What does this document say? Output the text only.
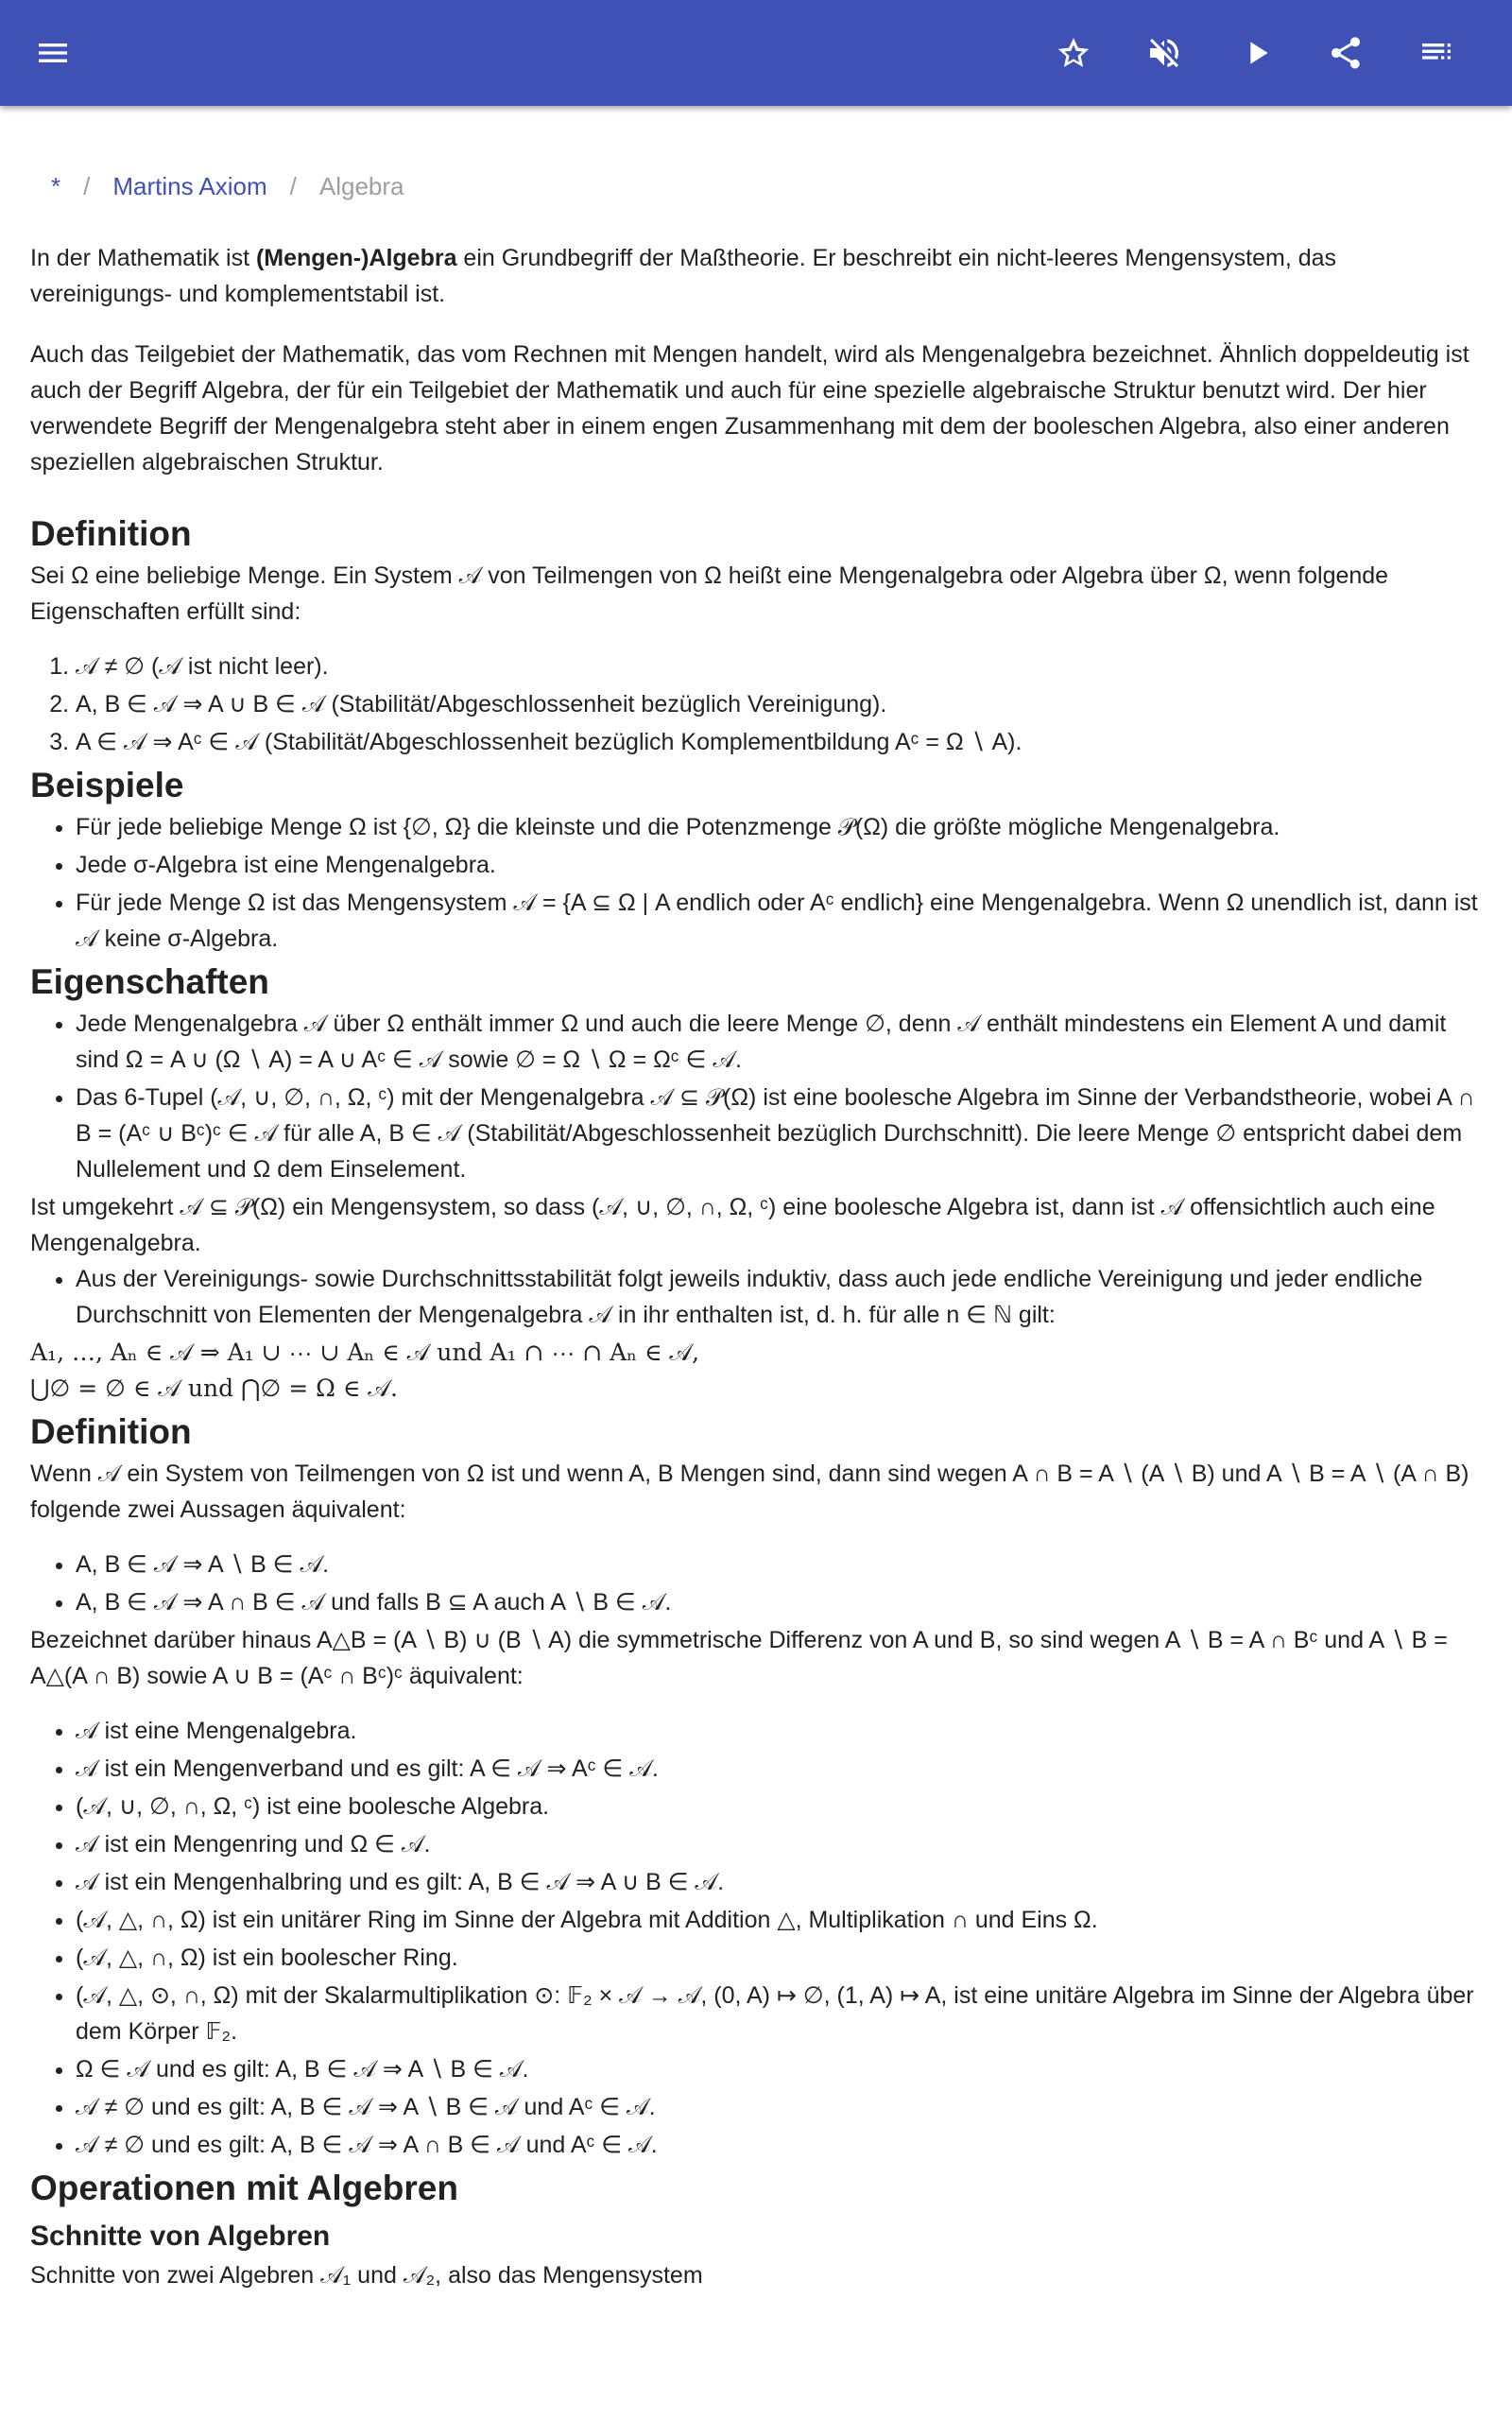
* / Martins Axiom / Algebra

In der Mathematik ist (Mengen-)Algebra ein Grundbegriff der Maßtheorie. Er beschreibt ein nicht-leeres Mengensystem, das vereinigungs- und komplementstabil ist.

Auch das Teilgebiet der Mathematik, das vom Rechnen mit Mengen handelt, wird als Mengenalgebra bezeichnet. Ähnlich doppeldeutig ist auch der Begriff Algebra, der für ein Teilgebiet der Mathematik und auch für eine spezielle algebraische Struktur benutzt wird. Der hier verwendete Begriff der Mengenalgebra steht aber in einem engen Zusammenhang mit dem der booleschen Algebra, also einer anderen speziellen algebraischen Struktur.

Definition

Sei Ω eine beliebige Menge. Ein System 𝒜 von Teilmengen von Ω heißt eine Mengenalgebra oder Algebra über Ω, wenn folgende Eigenschaften erfüllt sind:

1. 𝒜 ≠ ∅ (𝒜 ist nicht leer).
2. A, B ∈ 𝒜 ⇒ A ∪ B ∈ 𝒜 (Stabilität/Abgeschlossenheit bezüglich Vereinigung).
3. A ∈ 𝒜 ⇒ Aᶜ ∈ 𝒜 (Stabilität/Abgeschlossenheit bezüglich Komplementbildung Aᶜ = Ω ∖ A).
Beispiele
• Für jede beliebige Menge Ω ist {∅, Ω} die kleinste und die Potenzmenge 𝒫(Ω) die größte mögliche Mengenalgebra.
• Jede σ-Algebra ist eine Mengenalgebra.
• Für jede Menge Ω ist das Mengensystem 𝒜 = {A ⊆ Ω | A endlich oder Aᶜ endlich} eine Mengenalgebra. Wenn Ω unendlich ist, dann ist 𝒜 keine σ-Algebra.
Eigenschaften
• Jede Mengenalgebra 𝒜 über Ω enthält immer Ω und auch die leere Menge ∅, denn 𝒜 enthält mindestens ein Element A und damit sind Ω = A ∪ (Ω ∖ A) = A ∪ Aᶜ ∈ 𝒜 sowie ∅ = Ω ∖ Ω = Ωᶜ ∈ 𝒜.
• Das 6-Tupel (𝒜, ∪, ∅, ∩, Ω, ᶜ) mit der Mengenalgebra 𝒜 ⊆ 𝒫(Ω) ist eine boolesche Algebra im Sinne der Verbandstheorie, wobei A ∩ B = (Aᶜ ∪ Bᶜ)ᶜ ∈ 𝒜 für alle A, B ∈ 𝒜 (Stabilität/Abgeschlossenheit bezüglich Durchschnitt). Die leere Menge ∅ entspricht dabei dem Nullelement und Ω dem Einselement.

Ist umgekehrt 𝒜 ⊆ 𝒫(Ω) ein Mengensystem, so dass (𝒜, ∪, ∅, ∩, Ω, ᶜ) eine boolesche Algebra ist, dann ist 𝒜 offensichtlich auch eine Mengenalgebra.

• Aus der Vereinigungs- sowie Durchschnittsstabilität folgt jeweils induktiv, dass auch jede endliche Vereinigung und jeder endliche Durchschnitt von Elementen der Mengenalgebra 𝒜 in ihr enthalten ist, d. h. für alle n ∈ ℕ gilt:

A₁, …, Aₙ ∈ 𝒜 ⇒ A₁ ∪ ⋯ ∪ Aₙ ∈ 𝒜 und A₁ ∩ ⋯ ∩ Aₙ ∈ 𝒜,

⋃∅ = ∅ ∈ 𝒜 und ⋂∅ = Ω ∈ 𝒜.

Definition

Wenn 𝒜 ein System von Teilmengen von Ω ist und wenn A, B Mengen sind, dann sind wegen A ∩ B = A ∖ (A ∖ B) und A ∖ B = A ∖ (A ∩ B) folgende zwei Aussagen äquivalent:

• A, B ∈ 𝒜 ⇒ A ∖ B ∈ 𝒜.
• A, B ∈ 𝒜 ⇒ A ∩ B ∈ 𝒜 und falls B ⊆ A auch A ∖ B ∈ 𝒜.

Bezeichnet darüber hinaus A△B = (A ∖ B) ∪ (B ∖ A) die symmetrische Differenz von A und B, so sind wegen A ∖ B = A ∩ Bᶜ und A ∖ B = A△(A ∩ B) sowie A ∪ B = (Aᶜ ∩ Bᶜ)ᶜ äquivalent:

• 𝒜 ist eine Mengenalgebra.
• 𝒜 ist ein Mengenverband und es gilt: A ∈ 𝒜 ⇒ Aᶜ ∈ 𝒜.
• (𝒜, ∪, ∅, ∩, Ω, ᶜ) ist eine boolesche Algebra.
• 𝒜 ist ein Mengenring und Ω ∈ 𝒜.
• 𝒜 ist ein Mengenhalbring und es gilt: A, B ∈ 𝒜 ⇒ A ∪ B ∈ 𝒜.
• (𝒜, △, ∩, Ω) ist ein unitärer Ring im Sinne der Algebra mit Addition △, Multiplikation ∩ und Eins Ω.
• (𝒜, △, ∩, Ω) ist ein boolescher Ring.
• (𝒜, △, ⊙, ∩, Ω) mit der Skalarmultiplikation ⊙: 𝔽₂ × 𝒜 → 𝒜, (0, A) ↦ ∅, (1, A) ↦ A, ist eine unitäre Algebra im Sinne der Algebra über dem Körper 𝔽₂.
• Ω ∈ 𝒜 und es gilt: A, B ∈ 𝒜 ⇒ A ∖ B ∈ 𝒜.
• 𝒜 ≠ ∅ und es gilt: A, B ∈ 𝒜 ⇒ A ∖ B ∈ 𝒜 und Aᶜ ∈ 𝒜.
• 𝒜 ≠ ∅ und es gilt: A, B ∈ 𝒜 ⇒ A ∩ B ∈ 𝒜 und Aᶜ ∈ 𝒜.
Operationen mit Algebren
Schnitte von Algebren

Schnitte von zwei Algebren 𝒜₁ und 𝒜₂, also das Mengensystem
